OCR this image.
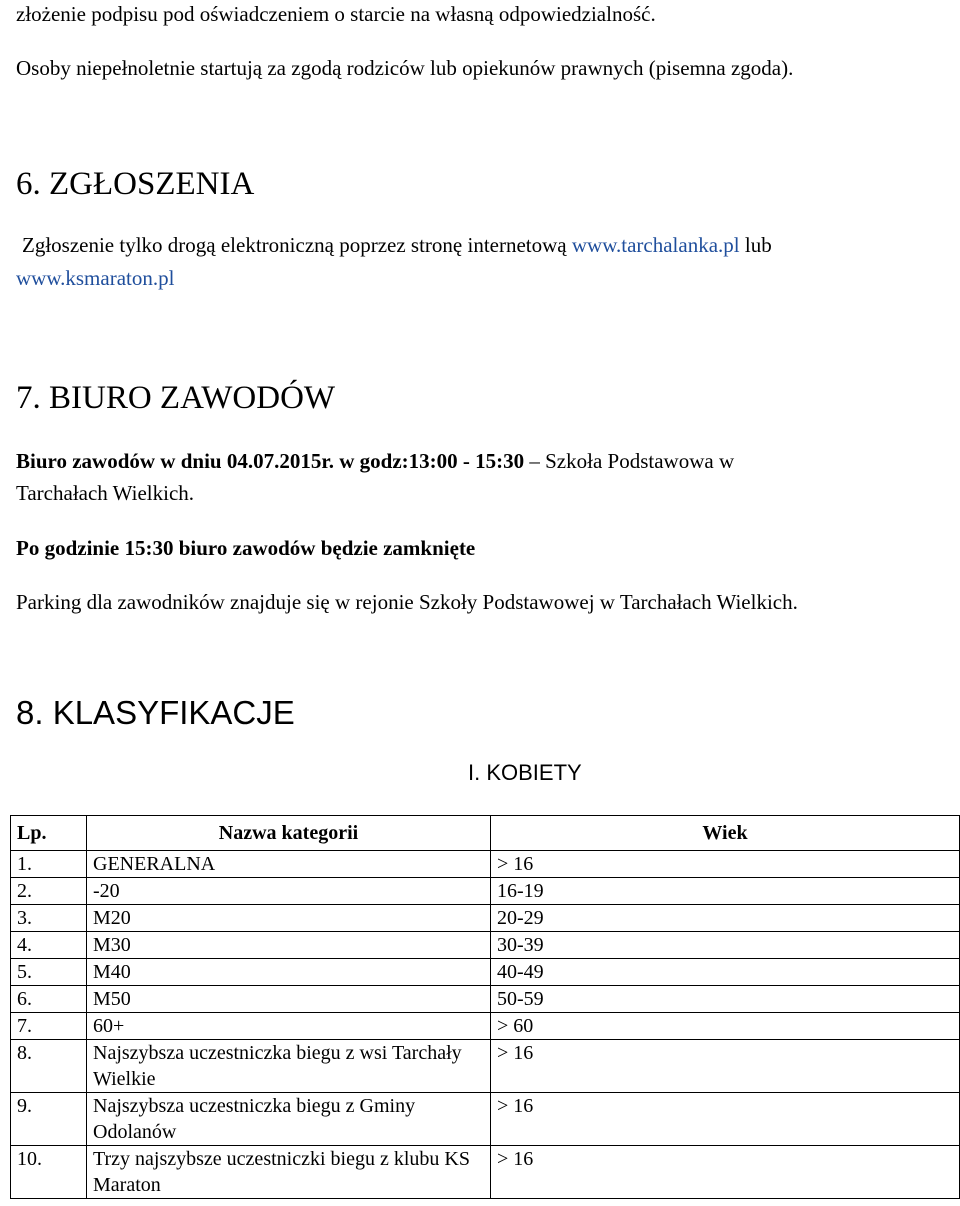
złożenie podpisu pod oświadczeniem o starcie na własną odpowiedzialność.
Osoby niepełnoletnie startują za zgodą rodziców lub opiekunów prawnych (pisemna zgoda).
6. ZGŁOSZENIA
Zgłoszenie tylko drogą elektroniczną poprzez stronę internetową www.tarchalanka.pl lub
www.ksmaraton.pl
7. BIURO ZAWODÓW
Biuro zawodów w dniu 04.07.2015r. w godz:13:00 - 15:30 – Szkoła Podstawowa w
Tarchałach Wielkich.
Po godzinie 15:30 biuro zawodów będzie zamknięte
Parking dla zawodników znajduje się w rejonie Szkoły Podstawowej w Tarchałach Wielkich.
8. KLASYFIKACJE
I. KOBIETY
Lp.	Nazwa kategorii	Wiek
1.	GENERALNA	> 16
2.	-20	16-19
3.	M20	20-29
4.	M30	30-39
5.	M40	40-49
6.	M50	50-59
7.	60+	> 60
8.	Najszybsza uczestniczka biegu z wsi Tarchały Wielkie	> 16
9.	Najszybsza uczestniczka biegu z Gminy Odolanów	> 16
10.	Trzy najszybsze uczestniczki biegu z klubu KS Maraton	> 16
